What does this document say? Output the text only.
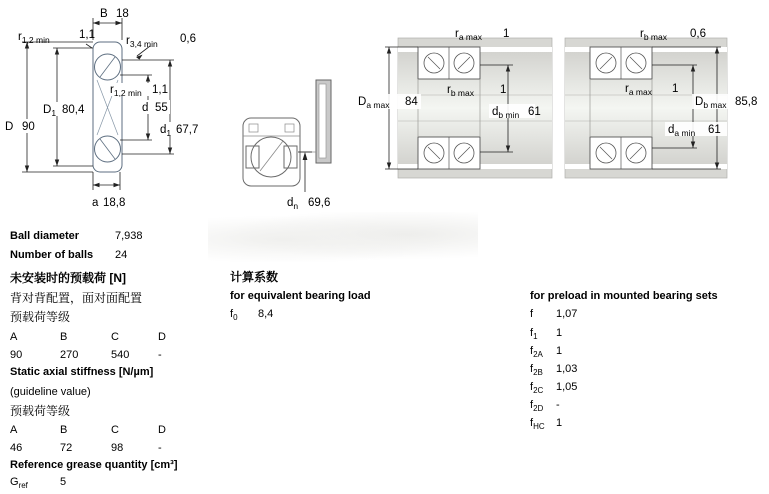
B 18
$r_{1,2 min}$	1,1	$r_{3,4 min}$ 0,6
$r_{1,2 min}$ 1,1
$D_1$ 80,4	d 55
D 90	$d_1$ 67,7
a 18,8	$d_n$ 69,6
$r_{a max}$ 1
$r_{b max}$ 1
$D_{a max}$ 84
$d_{b min}$ 61
$r_{b max}$ 0,6
$r_{a max}$ 1
$D_{b max}$ 85,8
$d_{a min}$ 61
Ball diameter	7,938
Number of balls 24
未安装时的预载荷 [N]
背对背配置，面对面配置
预载荷等级
A	B	C	D
90	270	540	-
Static axial stiffness [N/µm]
(guideline value)
预载荷等级
A	B	C	D
46	72	98	-
Reference grease quantity [cm³]
$G_{ref}$	5
计算系数
for equivalent bearing load
$f_0$ 8,4
for preload in mounted bearing sets
f 1,07
$f_1$ 1
$f_{2A}$ 1
$f_{2B}$ 1,03
$f_{2C}$ 1,05
$f_{2D}$ -
$f_{HC}$ 1
